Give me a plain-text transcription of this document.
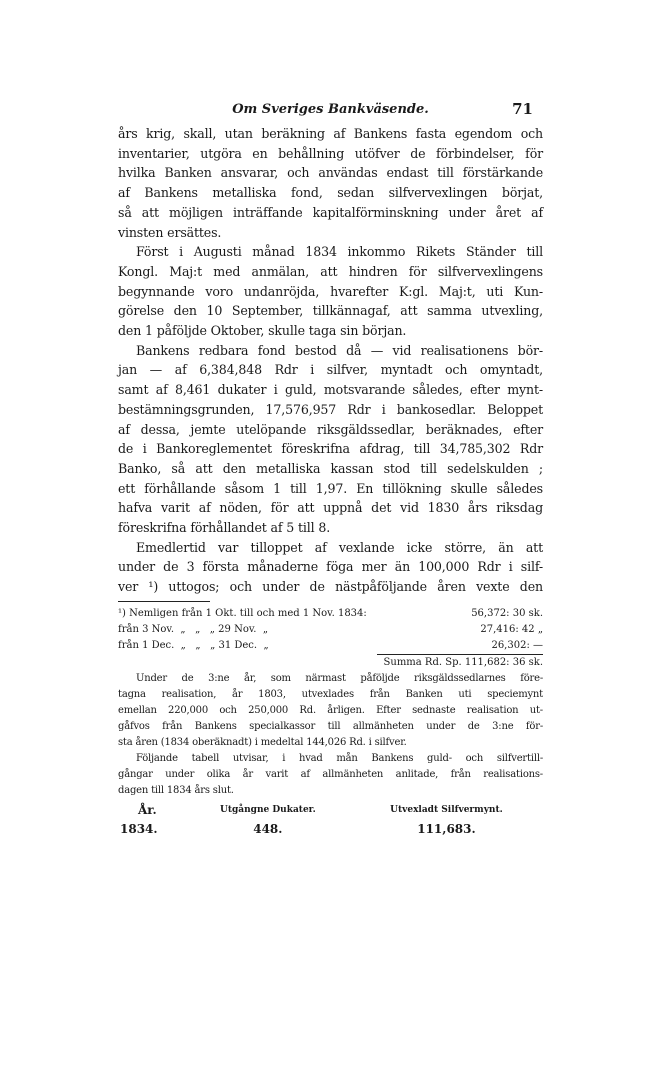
Om Sveriges Bankväsende.	71

års krig, skall, utan beräkning af Bankens fasta egendom och

inventarier, utgöra en behållning utöfver de förbindelser, för

hvilka Banken ansvarar, och användas endast till förstärkande

af Bankens metalliska fond, sedan silfvervexlingen börjat,

så att möjligen inträffande kapitalförminskning under året af

vinsten ersättes.

Först i Augusti månad 1834 inkommo Rikets Ständer till

Kongl. Maj:t med anmälan, att hindren för silfvervexlingens

begynnande voro undanröjda, hvarefter K:gl. Maj:t, uti Kun-

görelse den 10 September, tillkännagaf, att samma utvexling,

den 1 påföljde Oktober, skulle taga sin början.

Bankens redbara fond bestod då — vid realisationens bör-

jan — af 6,384,848 Rdr i silfver, myntadt och omyntadt,

samt af 8,461 dukater i guld, motsvarande således, efter mynt-

bestämningsgrunden, 17,576,957 Rdr i bankosedlar. Beloppet

af dessa, jemte utelöpande riksgäldssedlar, beräknades, efter

de i Bankoreglementet föreskrifna afdrag, till 34,785,302 Rdr

Banko, så att den metalliska kassan stod till sedelskulden ;

ett förhållande såsom 1 till 1,97. En tillökning skulle således

hafva varit af nöden, för att uppnå det vid 1830 års riksdag

föreskrifna förhållandet af 5 till 8.

Emedlertid var tilloppet af vexlande icke större, än att

under de 3 första månaderne föga mer än 100,000 Rdr i silf-

ver ¹) uttogos; och under de nästpåföljande åren vexte den

¹) Nemligen från 1 Okt. till och med 1 Nov. 1834:	56,372: 30 sk.
från 3 Nov.  „   „   „ 29 Nov.  „	27,416: 42 „
från 1 Dec.  „   „   „ 31 Dec.  „	26,302: —
	Summa Rd. Sp. 111,682: 36 sk.

Under de 3:ne år, som närmast påföljde riksgäldssedlarnes före-

tagna realisation, år 1803, utvexlades från Banken uti speciemynt

emellan 220,000 och 250,000 Rd. årligen. Efter sednaste realisation ut-

gåfvos från Bankens specialkassor till allmänheten under de 3:ne för-

sta åren (1834 oberäknadt) i medeltal 144,026 Rd. i silfver.

Följande tabell utvisar, i hvad mån Bankens guld- och silfvertill-

gångar under olika år varit af allmänheten anlitade, från realisations-

dagen till 1834 års slut.

År.	Utgångne Dukater.	Utvexladt Silfvermynt.
1834.	448.	111,683.
